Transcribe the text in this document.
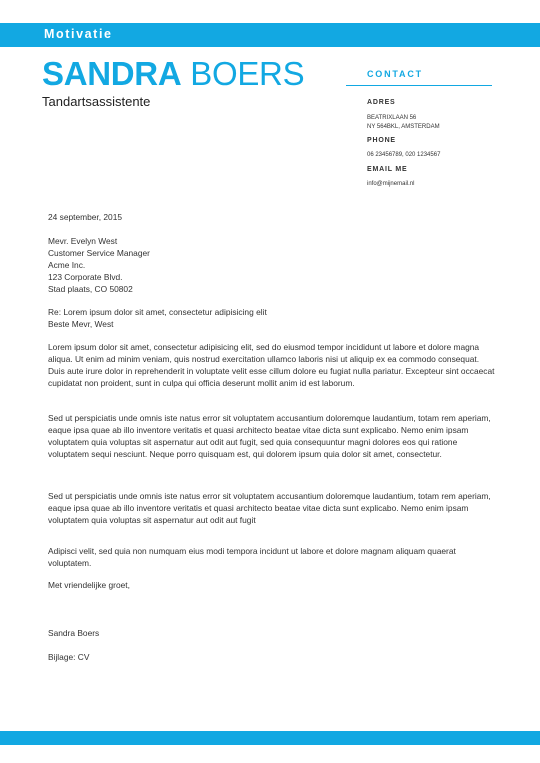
Motivatie
SANDRA BOERS
Tandartsassistente
CONTACT
ADRES
BEATRIXLAAN 56
NY 564BKL, AMSTERDAM
PHONE
06 23456789, 020 1234567
EMAIL ME
info@mijnemail.nl
24 september, 2015

Mevr. Evelyn West

Customer Service Manager

Acme Inc.

123 Corporate Blvd.

Stad plaats, CO 50802

Re: Lorem ipsum dolor sit amet, consectetur adipisicing elit

Beste Mevr, West

Lorem ipsum dolor sit amet, consectetur adipisicing elit, sed do eiusmod tempor incididunt ut labore et dolore magna aliqua. Ut enim ad minim veniam, quis nostrud exercitation ullamco laboris nisi ut aliquip ex ea commodo consequat. Duis aute irure dolor in reprehenderit in voluptate velit esse cillum dolore eu fugiat nulla pariatur. Excepteur sint occaecat cupidatat non proident, sunt in culpa qui officia deserunt mollit anim id est laborum.
Sed ut perspiciatis unde omnis iste natus error sit voluptatem accusantium doloremque laudantium, totam rem aperiam, eaque ipsa quae ab illo inventore veritatis et quasi architecto beatae vitae dicta sunt explicabo. Nemo enim ipsam voluptatem quia voluptas sit aspernatur aut odit aut fugit, sed quia consequuntur magni dolores eos qui ratione voluptatem sequi nesciunt. Neque porro quisquam est, qui dolorem ipsum quia dolor sit amet, consectetur.
Sed ut perspiciatis unde omnis iste natus error sit voluptatem accusantium doloremque laudantium, totam rem aperiam, eaque ipsa quae ab illo inventore veritatis et quasi architecto beatae vitae dicta sunt explicabo. Nemo enim ipsam voluptatem quia voluptas sit aspernatur aut odit aut fugit
Adipisci velit, sed quia non numquam eius modi tempora incidunt ut labore et dolore magnam aliquam quaerat voluptatem.
Met vriendelijke groet,
Sandra Boers
Bijlage: CV
